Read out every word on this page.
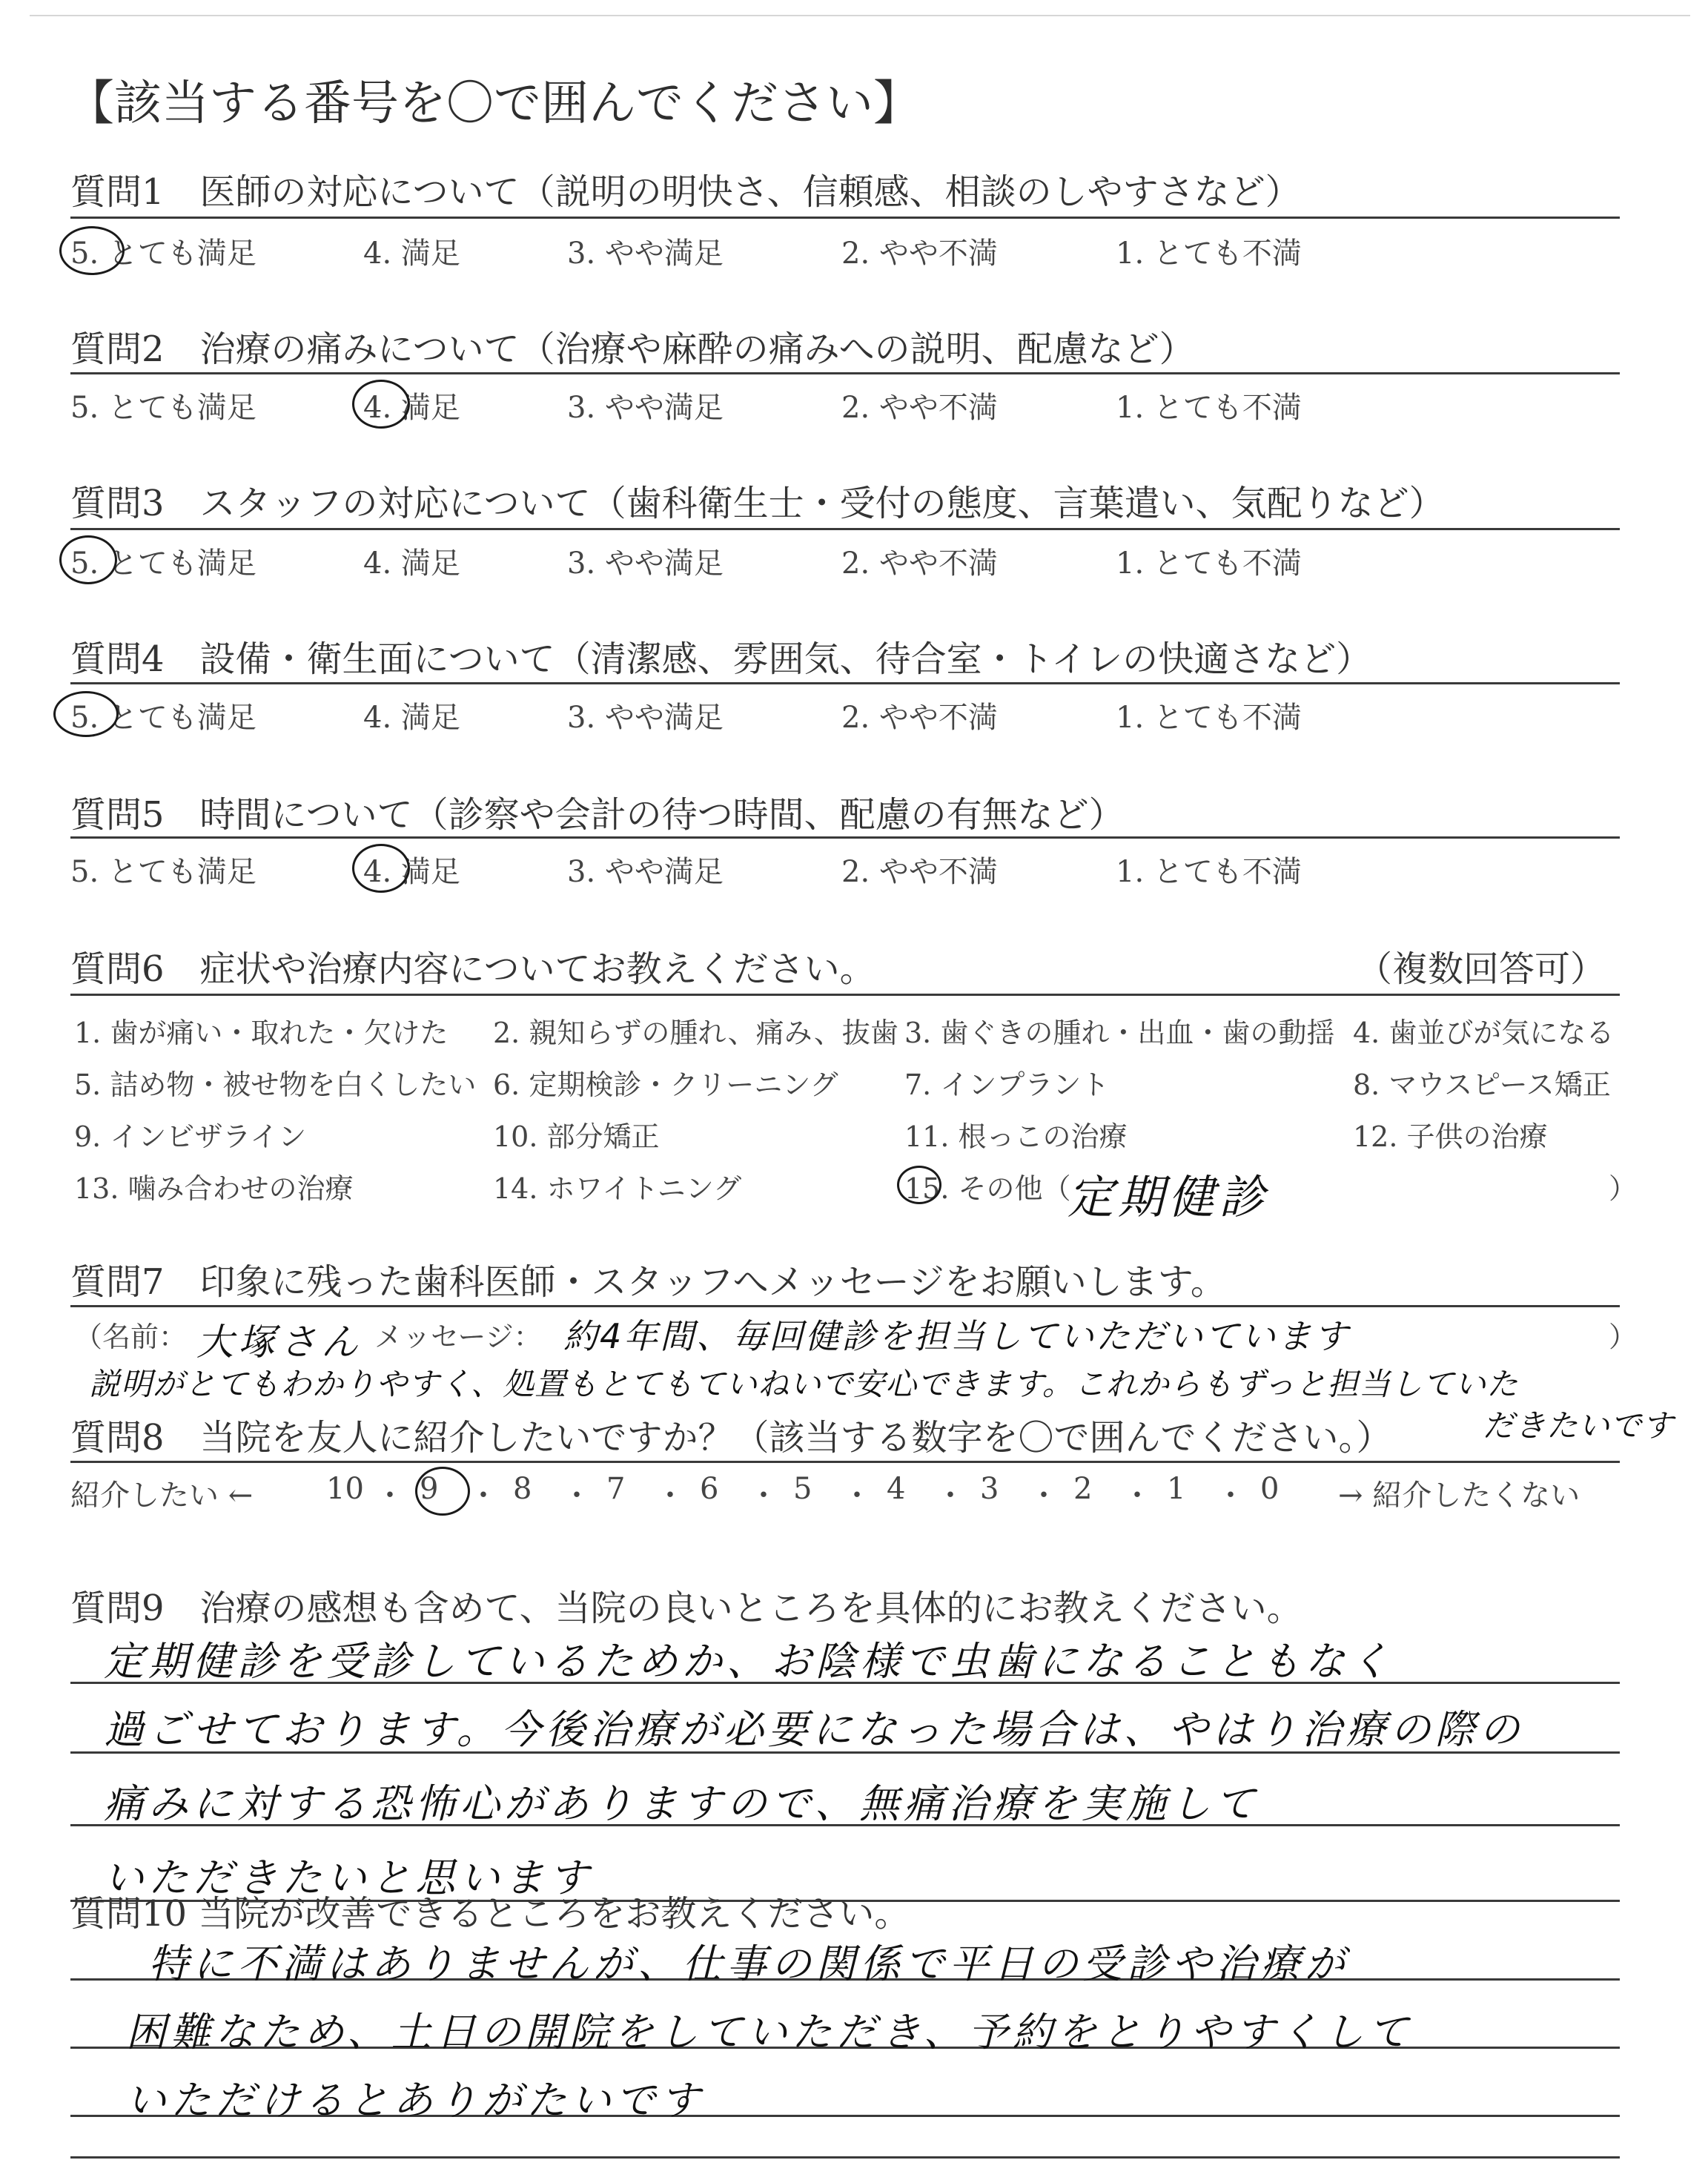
【該当する番号を〇で囲んでください】
質問1　医師の対応について（説明の明快さ、信頼感、相談のしやすさなど）
5. とても満足	4. 満足	3. やや満足	2. やや不満	1. とても不満
質問2　治療の痛みについて（治療や麻酔の痛みへの説明、配慮など）
5. とても満足	4. 満足	3. やや満足	2. やや不満	1. とても不満
質問3　スタッフの対応について（歯科衛生士・受付の態度、言葉遣い、気配りなど）
5. とても満足	4. 満足	3. やや満足	2. やや不満	1. とても不満
質問4　設備・衛生面について（清潔感、雰囲気、待合室・トイレの快適さなど）
5. とても満足	4. 満足	3. やや満足	2. やや不満	1. とても不満
質問5　時間について（診察や会計の待つ時間、配慮の有無など）
5. とても満足	4. 満足	3. やや満足	2. やや不満	1. とても不満
質問6　症状や治療内容についてお教えください。	（複数回答可）
1. 歯が痛い・取れた・欠けた 2. 親知らずの腫れ、痛み、抜歯 3. 歯ぐきの腫れ・出血・歯の動揺 4. 歯並びが気になる
5. 詰め物・被せ物を白くしたい 6. 定期検診・クリーニング 7. インプラント	8. マウスピース矯正
9. インビザライン	10. 部分矯正	11. 根っこの治療	12. 子供の治療
13. 噛み合わせの治療	14. ホワイトニング	15. その他（	）
定期健診
質問7　印象に残った歯科医師・スタッフへメッセージをお願いします。
（名前： 大塚さん メッセージ： 約4年間、毎回健診を担当していただいています	）
説明がとてもわかりやすく、処置もとてもていねいで安心できます。これからもずっと担当していた
質問8　当院を友人に紹介したいですか？（該当する数字を〇で囲んでください。）	だきたいです
紹介したい ← 10 ・ 9 ・ 8 ・ 7 ・ 6 ・ 5 ・ 4 ・ 3 ・ 2 ・ 1 ・ 0 → 紹介したくない
質問9　治療の感想も含めて、当院の良いところを具体的にお教えください。
定期健診を受診しているためか、お陰様で虫歯になることもなく
過ごせております。今後治療が必要になった場合は、やはり治療の際の
痛みに対する恐怖心がありますので、無痛治療を実施して
いただきたいと思います
質問10 当院が改善できるところをお教えください。
特に不満はありませんが、仕事の関係で平日の受診や治療が
困難なため、土日の開院をしていただき、予約をとりやすくして
いただけるとありがたいです
